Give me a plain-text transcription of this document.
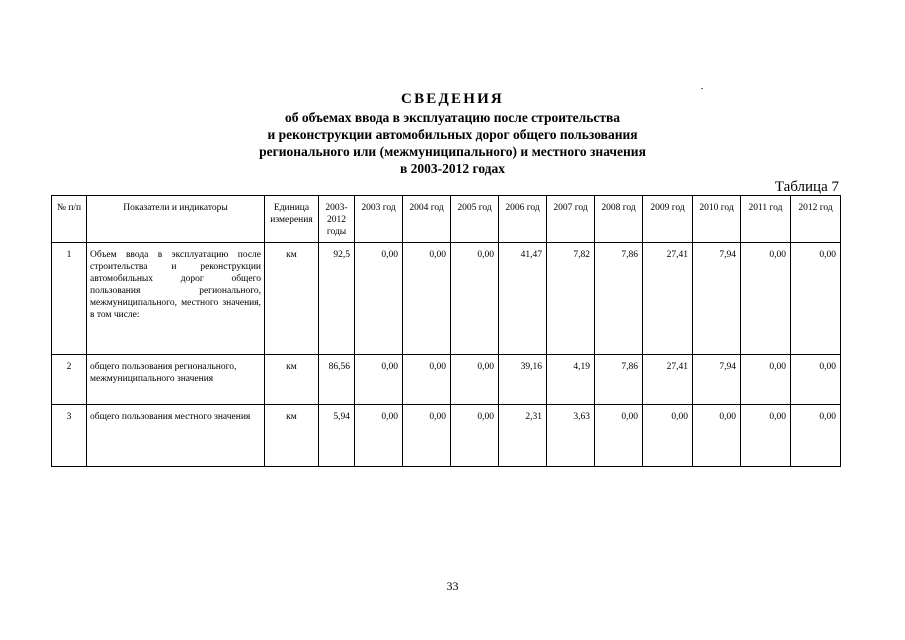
СВЕДЕНИЯ
об объемах ввода в эксплуатацию после строительства
и реконструкции автомобильных дорог общего пользования
регионального или (межмуниципального) и местного значения
в 2003-2012 годах
Таблица 7
№ п/п	Показатели и индикаторы	Единица измерения	2003-2012 годы	2003 год	2004 год	2005 год	2006 год	2007 год	2008 год	2009 год	2010 год	2011 год	2012 год
1	Объем ввода в эксплуатацию после строительства и реконструкции автомобильных дорог общего пользования регионального, межмуниципального, местного значения, в том числе:	км	92,5	0,00	0,00	0,00	41,47	7,82	7,86	27,41	7,94	0,00	0,00
2	общего пользования регионального, межмуниципального значения	км	86,56	0,00	0,00	0,00	39,16	4,19	7,86	27,41	7,94	0,00	0,00
3	общего пользования местного значения	км	5,94	0,00	0,00	0,00	2,31	3,63	0,00	0,00	0,00	0,00	0,00
33
